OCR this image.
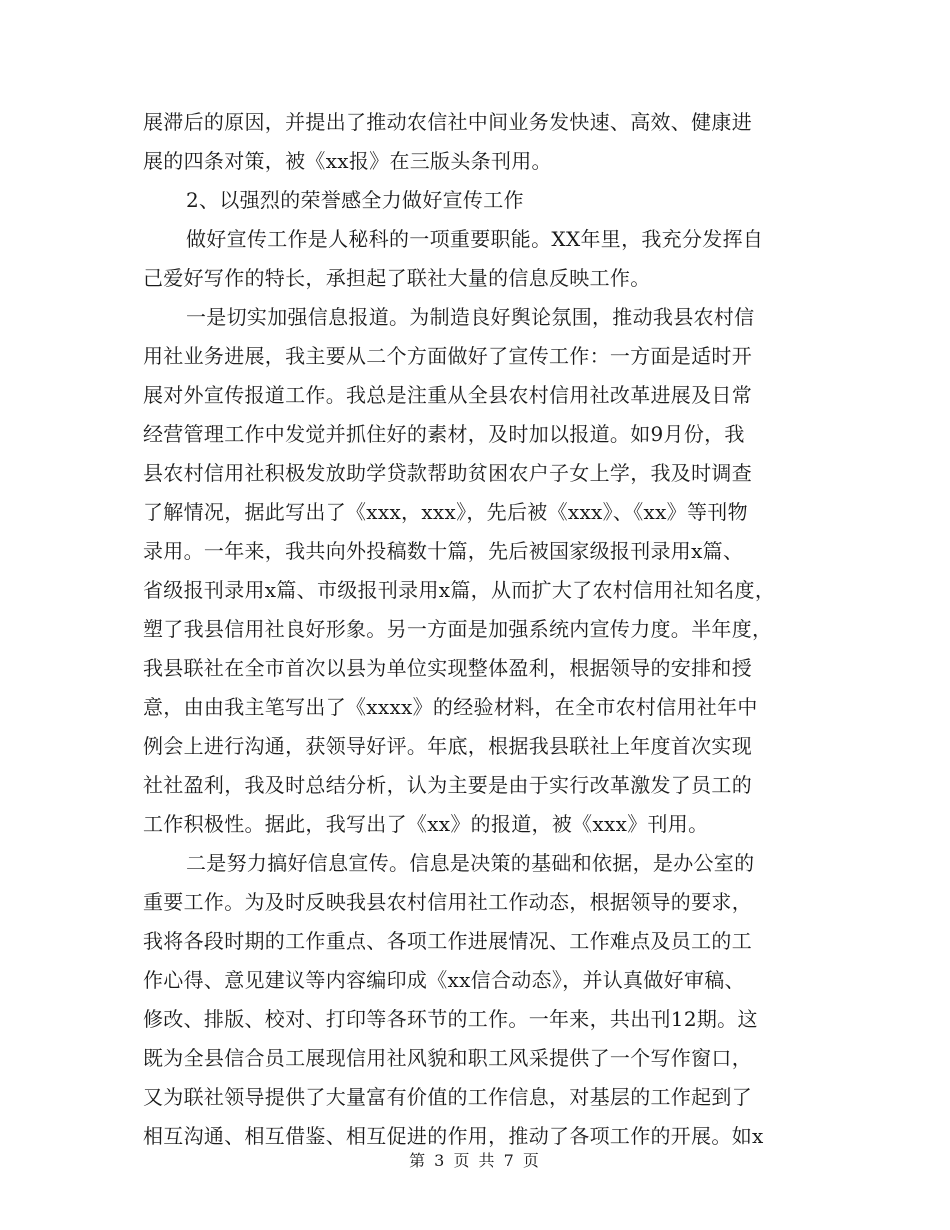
展滞后的原因，并提出了推动农信社中间业务发快速、高效、健康进
展的四条对策，被《xx报》在三版头条刊用。
2、以强烈的荣誉感全力做好宣传工作
做好宣传工作是人秘科的一项重要职能。XX年里，我充分发挥自
己爱好写作的特长，承担起了联社大量的信息反映工作。
一是切实加强信息报道。为制造良好舆论氛围，推动我县农村信
用社业务进展，我主要从二个方面做好了宣传工作：一方面是适时开
展对外宣传报道工作。我总是注重从全县农村信用社改革进展及日常
经营管理工作中发觉并抓住好的素材，及时加以报道。如9月份，我
县农村信用社积极发放助学贷款帮助贫困农户子女上学，我及时调查
了解情况，据此写出了《xxx，xxx》，先后被《xxx》、《xx》等刊物
录用。一年来，我共向外投稿数十篇，先后被国家级报刊录用x篇、
省级报刊录用x篇、市级报刊录用x篇，从而扩大了农村信用社知名度，
塑了我县信用社良好形象。另一方面是加强系统内宣传力度。半年度，
我县联社在全市首次以县为单位实现整体盈利，根据领导的安排和授
意，由由我主笔写出了《xxxx》的经验材料，在全市农村信用社年中
例会上进行沟通，获领导好评。年底，根据我县联社上年度首次实现
社社盈利，我及时总结分析，认为主要是由于实行改革激发了员工的
工作积极性。据此，我写出了《xx》的报道，被《xxx》刊用。
二是努力搞好信息宣传。信息是决策的基础和依据，是办公室的
重要工作。为及时反映我县农村信用社工作动态，根据领导的要求，
我将各段时期的工作重点、各项工作进展情况、工作难点及员工的工
作心得、意见建议等内容编印成《xx信合动态》，并认真做好审稿、
修改、排版、校对、打印等各环节的工作。一年来，共出刊12期。这
既为全县信合员工展现信用社风貌和职工风采提供了一个写作窗口，
又为联社领导提供了大量富有价值的工作信息，对基层的工作起到了
相互沟通、相互借鉴、相互促进的作用，推动了各项工作的开展。如x
第 3 页 共 7 页
